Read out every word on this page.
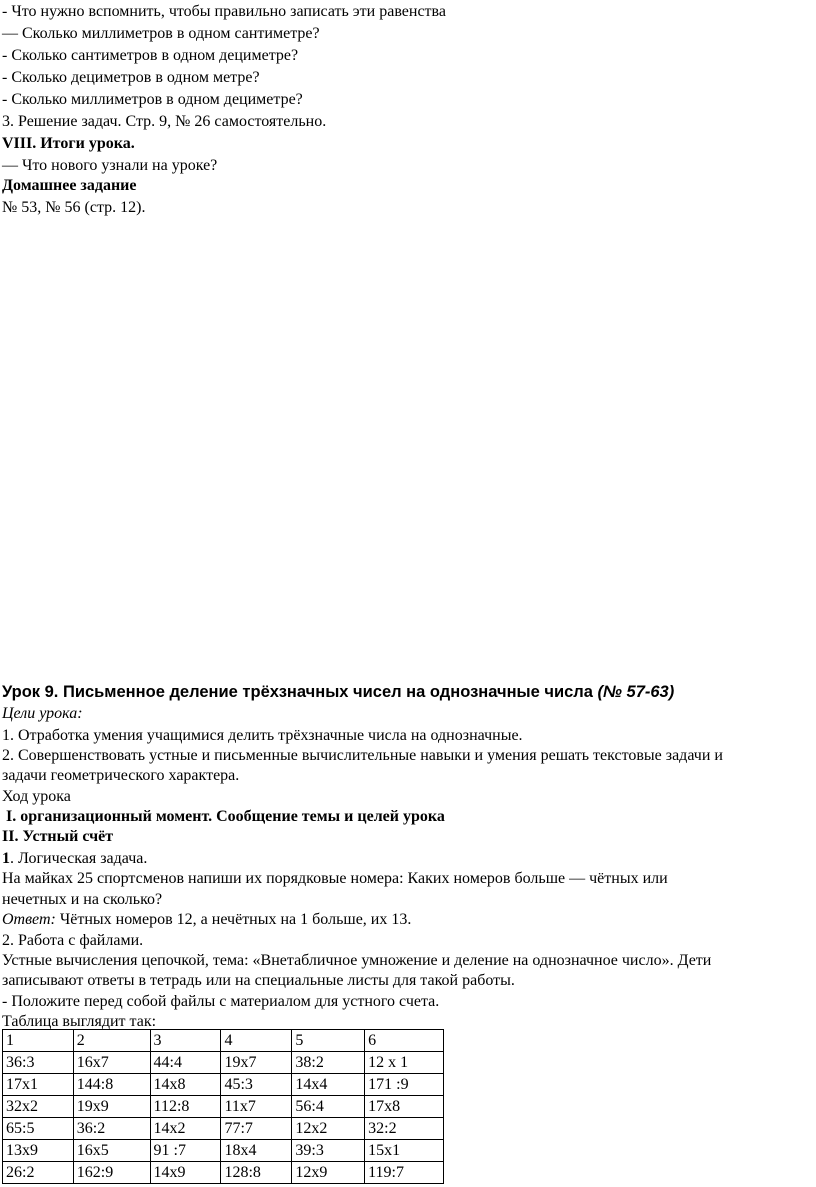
- Что нужно вспомнить, чтобы правильно записать эти равенства
— Сколько миллиметров в одном сантиметре?
- Сколько сантиметров в одном дециметре?
- Сколько дециметров в одном метре?
- Сколько миллиметров в одном дециметре?
3. Решение задач. Стр. 9, № 26 самостоятельно.
VIII. Итоги урока.
— Что нового узнали на уроке?
Домашнее задание
№ 53, № 56 (стр. 12).
Урок 9. Письменное деление трёхзначных чисел на однозначные числа (№ 57-63)
Цели урока:
1. Отработка умения учащимися делить трёхзначные числа на однозначные.
2. Совершенствовать устные и письменные вычислительные навыки и умения решать текстовые задачи и
задачи геометрического характера.
Ход урока
I. организационный момент. Сообщение темы и целей урока
II. Устный счёт
1. Логическая задача.
На майках 25 спортсменов напиши их порядковые номера: Каких номеров больше — чётных или
нечетных и на сколько?
Ответ: Чётных номеров 12, а нечётных на 1 больше, их 13.
2. Работа с файлами.
Устные вычисления цепочкой, тема: «Внетабличное умножение и деление на однозначное число». Дети
записывают ответы в тетрадь или на специальные листы для такой работы.
- Положите перед собой файлы с материалом для устного счета.
Таблица выглядит так:
1	2	3	4	5	6
36:3	16х7	44:4	19х7	38:2	12 х 1
17х1	144:8	14х8	45:3	14х4	171 :9
32х2	19х9	112:8	11х7	56:4	17х8
65:5	36:2	14х2	77:7	12х2	32:2
13х9	16х5	91 :7	18х4	39:3	15х1
26:2	162:9	14х9	128:8	12х9	119:7
